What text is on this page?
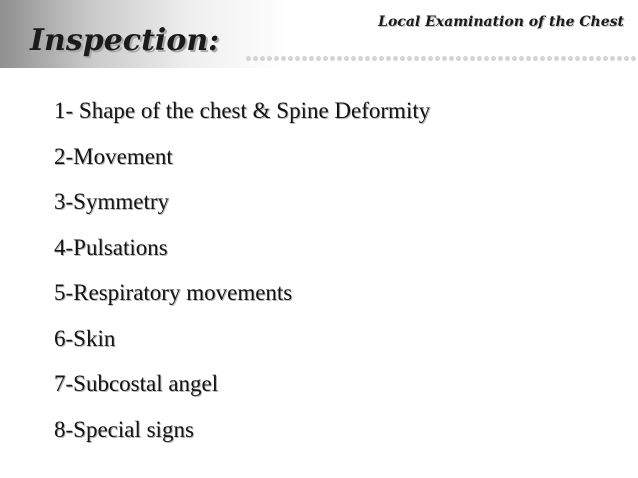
Local Examination of the Chest
Inspection:
1- Shape of the chest & Spine Deformity
2-Movement
3-Symmetry
4-Pulsations
5-Respiratory movements
6-Skin
7-Subcostal angel
8-Special signs
